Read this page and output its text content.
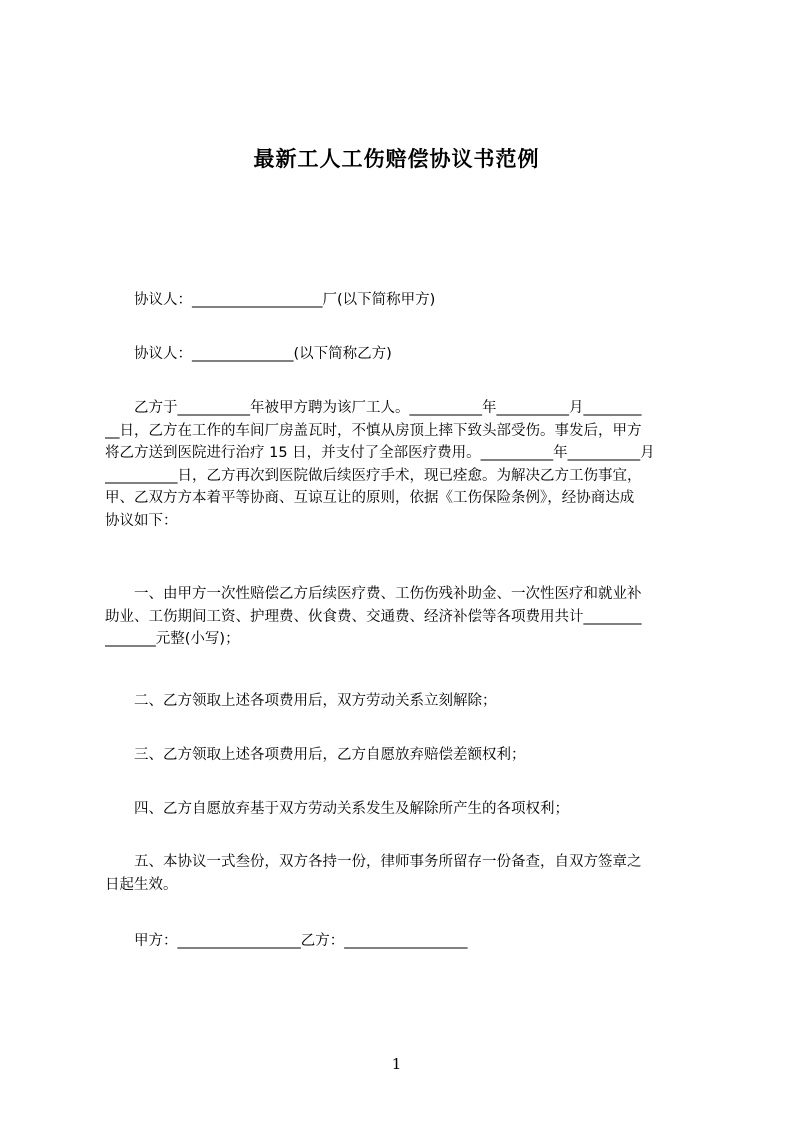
最新工人工伤赔偿协议书范例
　　协议人：__________________厂(以下简称甲方)
　　协议人：______________(以下简称乙方)
　　乙方于__________年被甲方聘为该厂工人。__________年__________月________
__日，乙方在工作的车间厂房盖瓦时，不慎从房顶上摔下致头部受伤。事发后，甲方
将乙方送到医院进行治疗 15 日，并支付了全部医疗费用。__________年__________月
__________日，乙方再次到医院做后续医疗手术，现已痊愈。为解决乙方工伤事宜，
甲、乙双方方本着平等协商、互谅互让的原则，依据《工伤保险条例》，经协商达成
协议如下：
　　一、由甲方一次性赔偿乙方后续医疗费、工伤伤残补助金、一次性医疗和就业补
助业、工伤期间工资、护理费、伙食费、交通费、经济补偿等各项费用共计________
_______元整(小写)；
　　二、乙方领取上述各项费用后，双方劳动关系立刻解除；
　　三、乙方领取上述各项费用后，乙方自愿放弃赔偿差额权利；
　　四、乙方自愿放弃基于双方劳动关系发生及解除所产生的各项权利；
　　五、本协议一式叁份，双方各持一份，律师事务所留存一份备查，自双方签章之
日起生效。
　　甲方：_________________乙方：_________________
1
